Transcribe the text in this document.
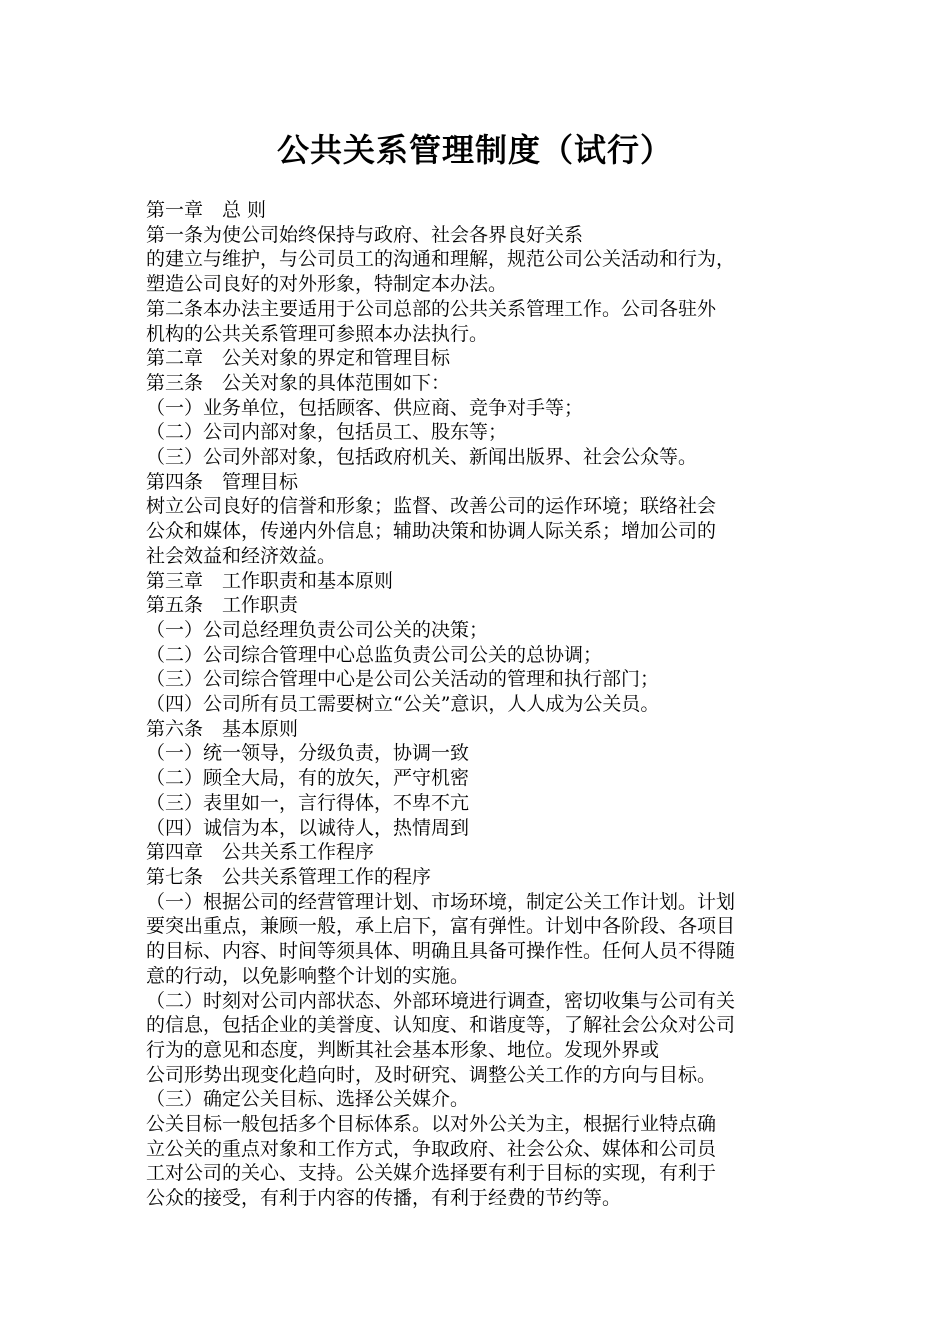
公共关系管理制度（试行）
第一章　总 则
第一条为使公司始终保持与政府、社会各界良好关系
的建立与维护，与公司员工的沟通和理解，规范公司公关活动和行为，
塑造公司良好的对外形象，特制定本办法。
第二条本办法主要适用于公司总部的公共关系管理工作。公司各驻外
机构的公共关系管理可参照本办法执行。
第二章　公关对象的界定和管理目标
第三条　公关对象的具体范围如下：
（一）业务单位，包括顾客、供应商、竞争对手等；
（二）公司内部对象，包括员工、股东等；
（三）公司外部对象，包括政府机关、新闻出版界、社会公众等。
第四条　管理目标
树立公司良好的信誉和形象；监督、改善公司的运作环境；联络社会
公众和媒体，传递内外信息；辅助决策和协调人际关系；增加公司的
社会效益和经济效益。
第三章　工作职责和基本原则
第五条　工作职责
（一）公司总经理负责公司公关的决策；
（二）公司综合管理中心总监负责公司公关的总协调；
（三）公司综合管理中心是公司公关活动的管理和执行部门；
（四）公司所有员工需要树立“公关”意识，人人成为公关员。
第六条　基本原则
（一）统一领导，分级负责，协调一致
（二）顾全大局，有的放矢，严守机密
（三）表里如一，言行得体，不卑不亢
（四）诚信为本，以诚待人，热情周到
第四章　公共关系工作程序
第七条　公共关系管理工作的程序
（一）根据公司的经营管理计划、市场环境，制定公关工作计划。计划
要突出重点，兼顾一般，承上启下，富有弹性。计划中各阶段、各项目
的目标、内容、时间等须具体、明确且具备可操作性。任何人员不得随
意的行动，以免影响整个计划的实施。
（二）时刻对公司内部状态、外部环境进行调查，密切收集与公司有关
的信息，包括企业的美誉度、认知度、和谐度等，了解社会公众对公司
行为的意见和态度，判断其社会基本形象、地位。发现外界或
公司形势出现变化趋向时，及时研究、调整公关工作的方向与目标。
（三）确定公关目标、选择公关媒介。
公关目标一般包括多个目标体系。以对外公关为主，根据行业特点确
立公关的重点对象和工作方式，争取政府、社会公众、媒体和公司员
工对公司的关心、支持。公关媒介选择要有利于目标的实现，有利于
公众的接受，有利于内容的传播，有利于经费的节约等。
